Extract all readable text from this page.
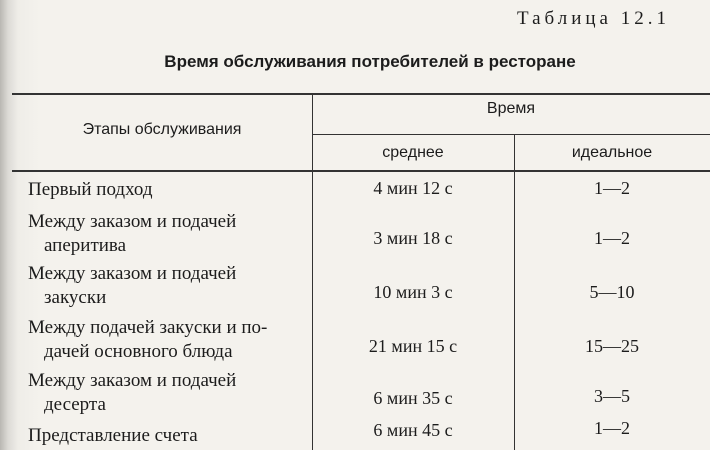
Таблица 12.1
Время обслуживания потребителей в ресторане
Этапы обслуживания
Время
среднее	идеальное
Первый подход	4 мин 12 с	1—2
Между заказом и подачей
аперитива	3 мин 18 с	1—2
Между заказом и подачей
закуски	10 мин 3 с	5—10
Между подачей закуски и по-
дачей основного блюда	21 мин 15 с	15—25
Между заказом и подачей
десерта	6 мин 35 с	3—5
Представление счета	6 мин 45 с	1—2
